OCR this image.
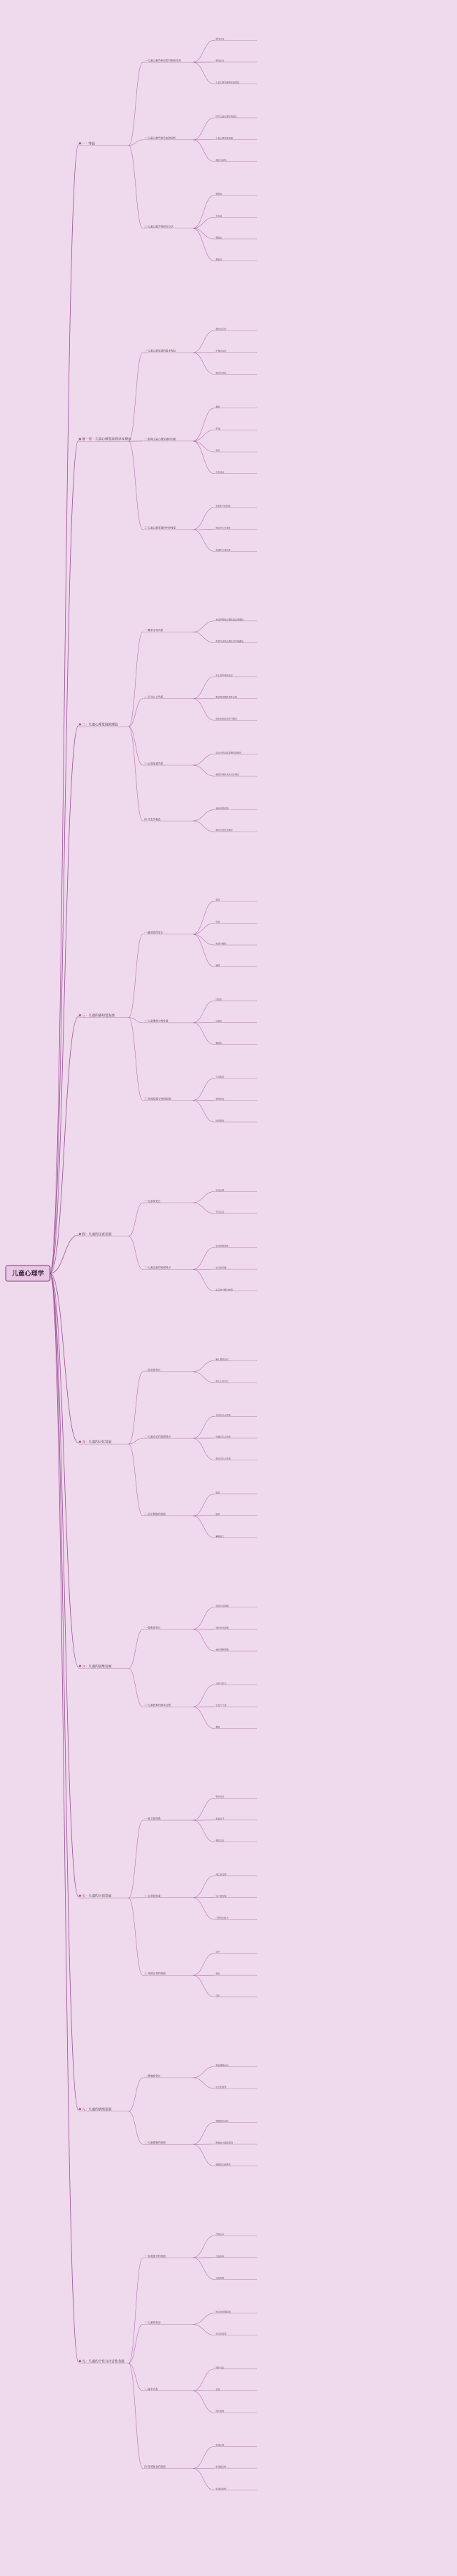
一 · 绪论
一·儿童心理学研究的对象和任务
研究对象
研究任务
儿童心理发展的年龄阶段
二·儿童心理学的历史和现状
科学儿童心理学的诞生
儿童心理学的发展
现状与趋势
三·儿童心理学的研究方法
观察法
实验法
调查法
测验法
第一章 · 儿童心理发展的基本理论
一·儿童心理发展的基本观点
遗传决定论
环境决定论
相互作用论
二·影响儿童心理发展的因素
遗传
环境
教育
主体活动
三·儿童心理发展的年龄特征
连续性与阶段性
稳定性与可变性
普遍性与差异性
二 · 儿童心理发展的理论
一·精神分析学派
弗洛伊德的心理性欲发展理论
埃里克森的心理社会发展理论
二·行为主义学派
华生的环境决定论
斯金纳的操作条件反射
班杜拉的社会学习理论
三·认知发展学派
皮亚杰的认知发展阶段理论
维果茨基的文化历史理论
四·习性学理论
洛伦兹的印刻
鲍尔比的依恋理论
三 · 儿童的感知觉发展
一·感知觉的发生
视觉
听觉
味觉与嗅觉
触觉
二·儿童观察力的发展
目的性
持续性
概括性
三·空间知觉与时间知觉
方位知觉
深度知觉
时间知觉
四 · 儿童的注意发展
一·注意的发生
定向反射
无意注意
二·儿童注意的发展特点
注意的稳定性
注意的范围
注意的分配与转移
五 · 儿童的记忆发展
一·记忆的发生
胎儿期的记忆
新生儿的记忆
二·儿童记忆的发展特点
无意识记占优势
机械记忆占优势
形象记忆占优势
三·记忆策略的发展
复述
组织
精细加工
六 · 儿童的思维发展
一·思维的发生
直觉行动思维
具体形象思维
抽象逻辑思维
二·儿童思维的基本过程
分析与综合
比较与分类
概括
七 · 儿童的言语发展
一·前言语阶段
简单发音
连续音节
模仿发音
二·言语的形成
词汇的发展
句子的发展
口语表达能力
三·书面言语的发展
识字
阅读
写作
八 · 儿童的情绪发展
一·情绪的发生
原始情绪反应
社会性微笑
二·儿童情绪的发展
情绪的社会化
情绪的丰富和深刻
情绪的自我调节
九 · 儿童的个性与社会性发展
一·自我意识的发展
自我认识
自我体验
自我控制
二·儿童的依恋
依恋的发展阶段
依恋的类型
三·同伴关系
同伴交往
友谊
同伴接纳
四·性别角色的发展
性别认同
性别稳定性
性别恒常性
儿童心理学
